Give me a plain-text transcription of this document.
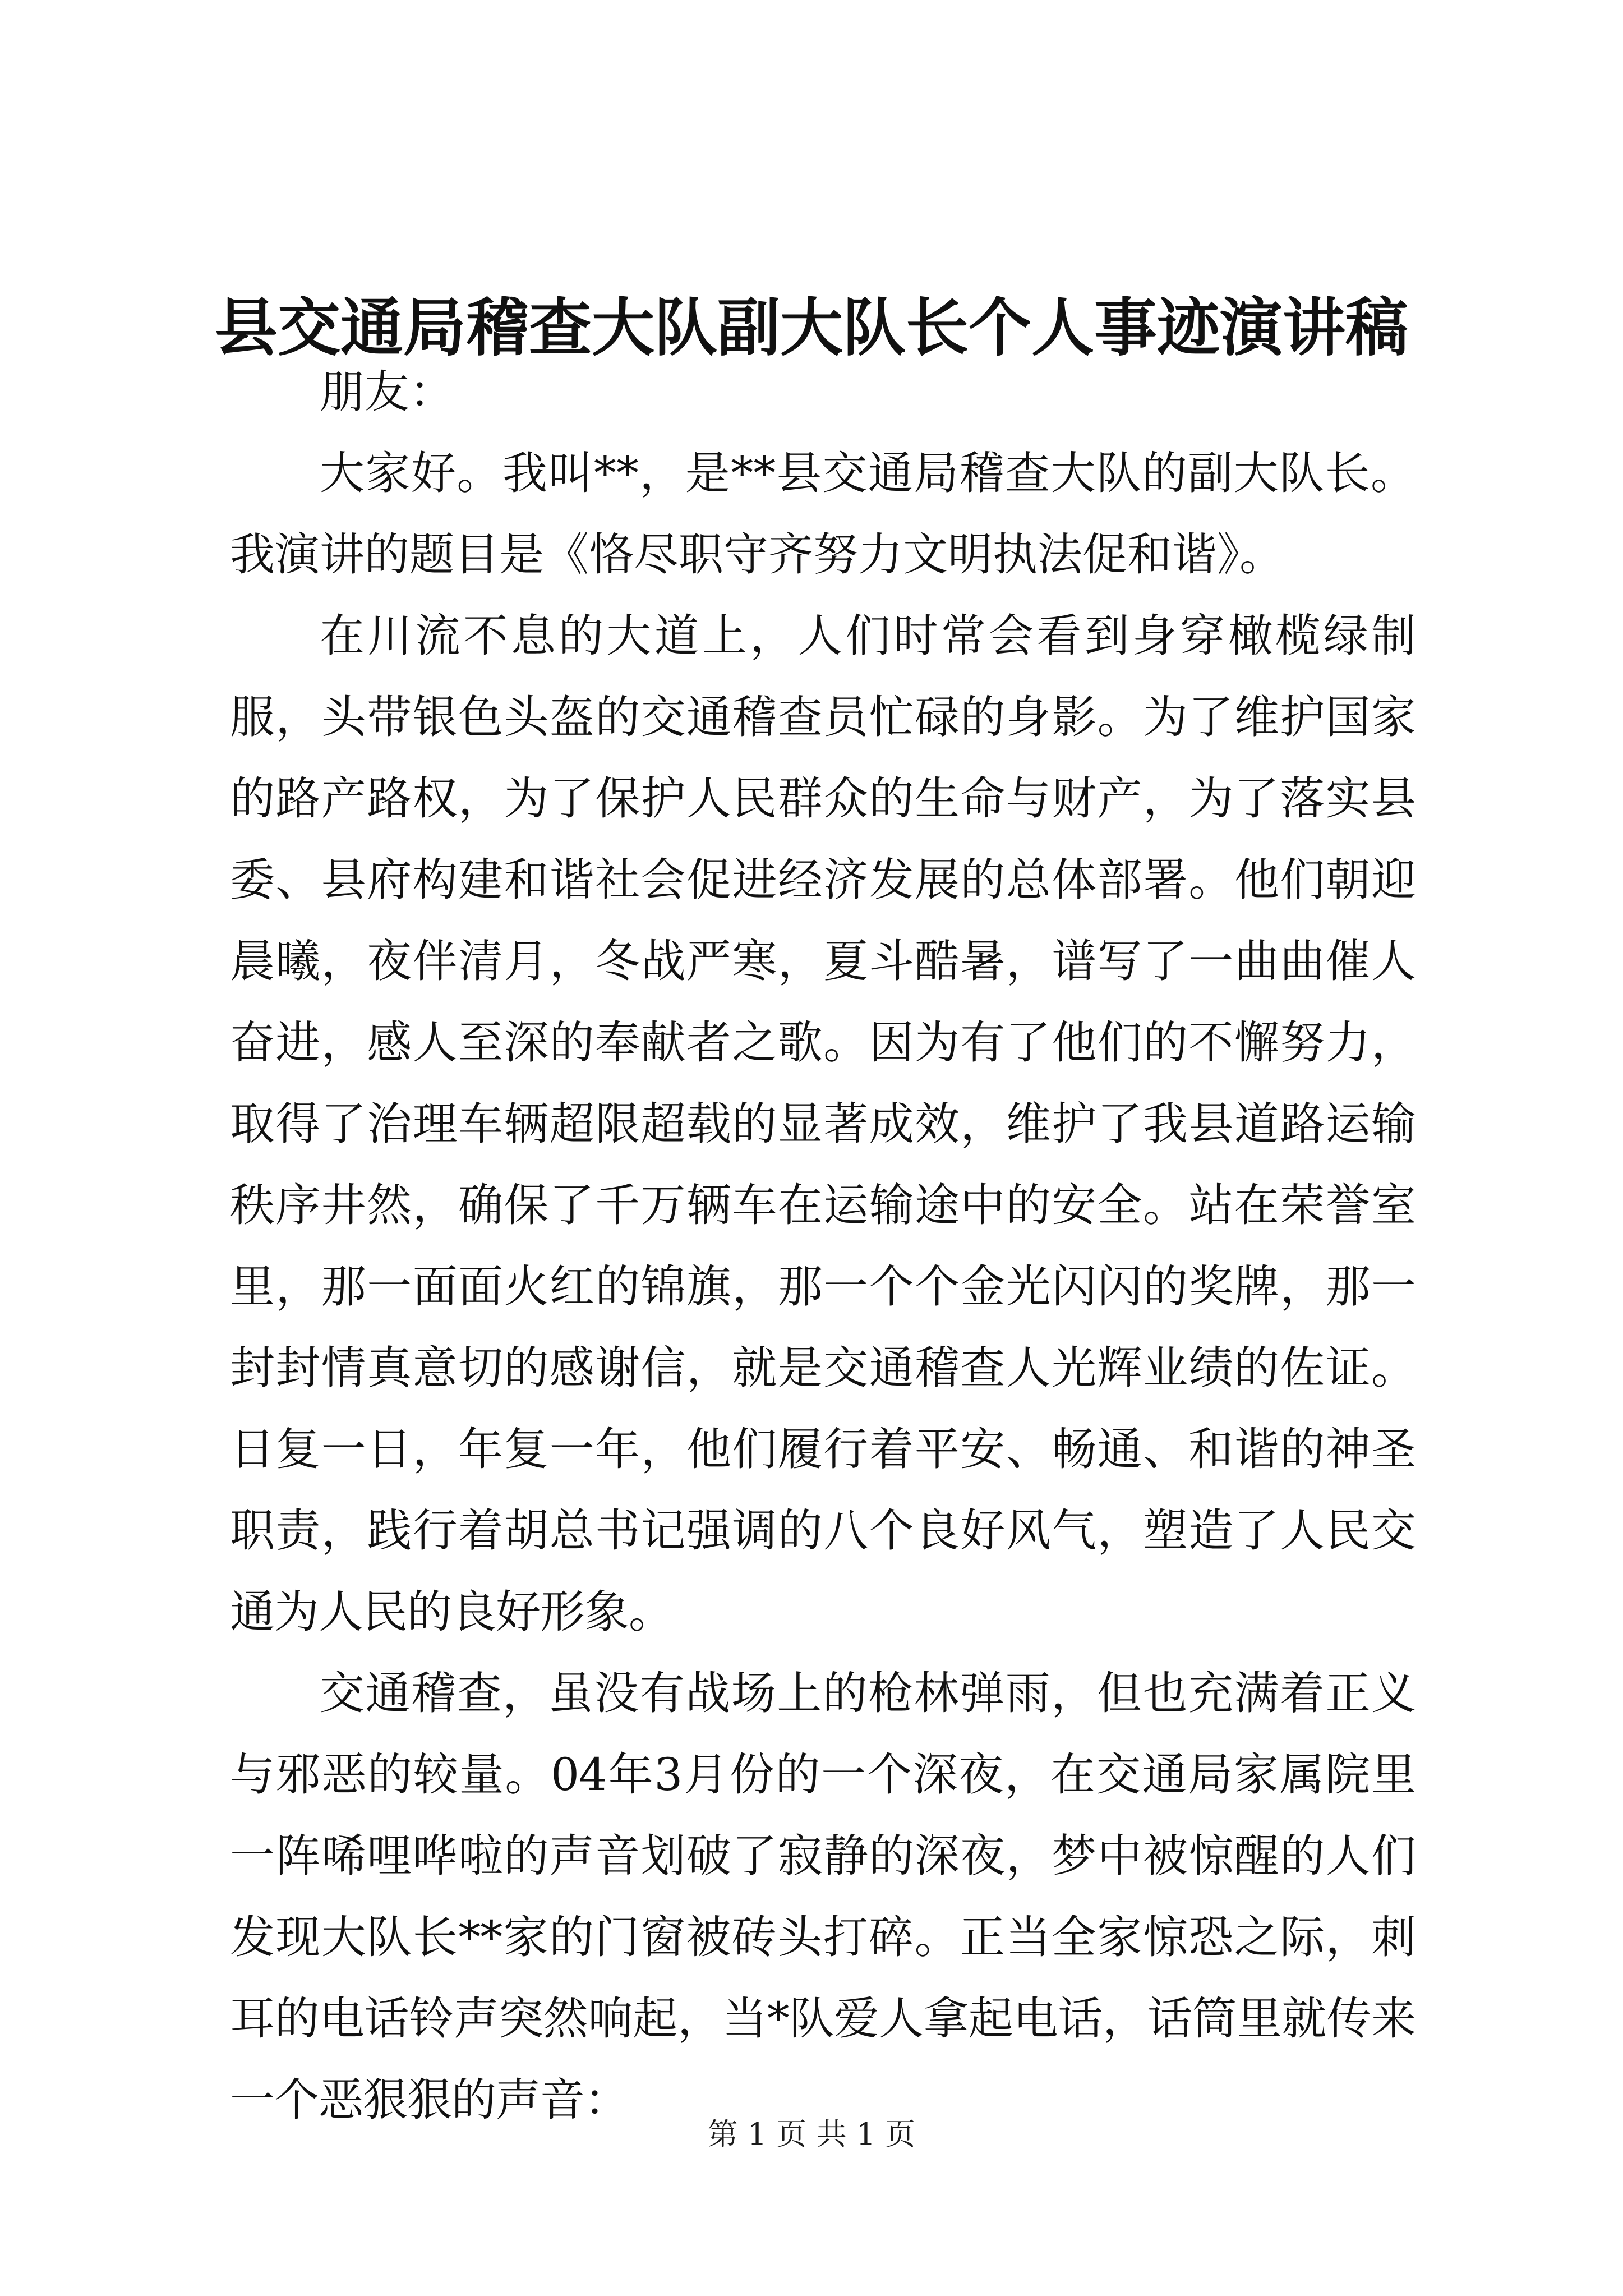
县交通局稽查大队副大队长个人事迹演讲稿

朋友：

大家好。我叫**，是**县交通局稽查大队的副大队长。我演讲的题目是《恪尽职守齐努力文明执法促和谐》。

在川流不息的大道上，人们时常会看到身穿橄榄绿制服，头带银色头盔的交通稽查员忙碌的身影。为了维护国家的路产路权，为了保护人民群众的生命与财产，为了落实县委、县府构建和谐社会促进经济发展的总体部署。他们朝迎晨曦，夜伴清月，冬战严寒，夏斗酷暑，谱写了一曲曲催人奋进，感人至深的奉献者之歌。因为有了他们的不懈努力，取得了治理车辆超限超载的显著成效，维护了我县道路运输秩序井然，确保了千万辆车在运输途中的安全。站在荣誉室里，那一面面火红的锦旗，那一个个金光闪闪的奖牌，那一封封情真意切的感谢信，就是交通稽查人光辉业绩的佐证。日复一日，年复一年，他们履行着平安、畅通、和谐的神圣职责，践行着胡总书记强调的八个良好风气，塑造了人民交通为人民的良好形象。

交通稽查，虽没有战场上的枪林弹雨，但也充满着正义与邪恶的较量。04年3月份的一个深夜，在交通局家属院里一阵唏哩哗啦的声音划破了寂静的深夜，梦中被惊醒的人们发现大队长**家的门窗被砖头打碎。正当全家惊恐之际，刺耳的电话铃声突然响起，当*队爱人拿起电话，话筒里就传来一个恶狠狠的声音：

第 1 页 共 1 页
